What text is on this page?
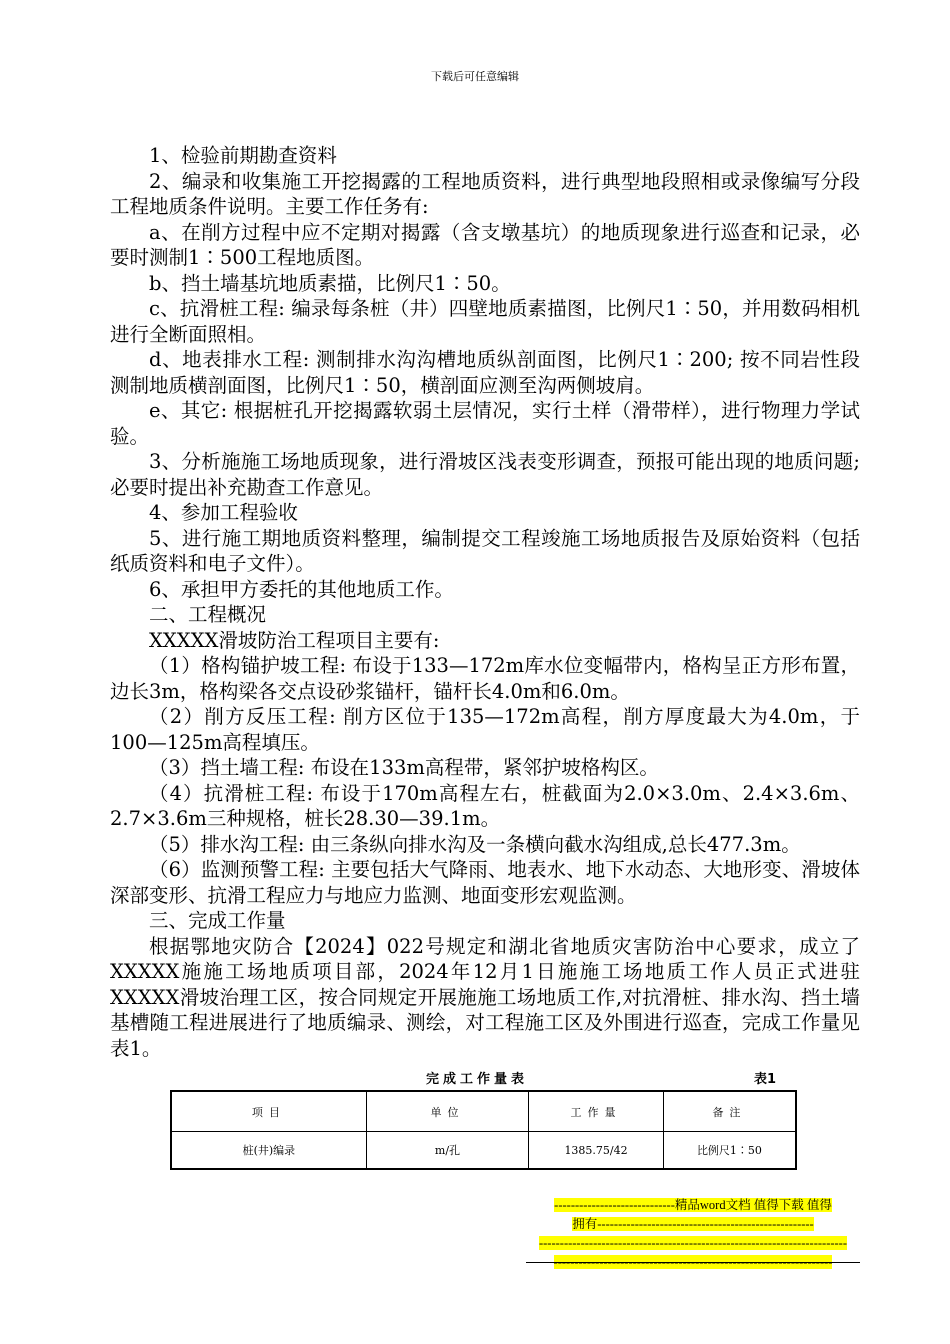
下载后可任意编辑

1、检验前期勘查资料

2、编录和收集施工开挖揭露的工程地质资料，进行典型地段照相或录像编写分段工程地质条件说明。主要工作任务有:

a、在削方过程中应不定期对揭露（含支墩基坑）的地质现象进行巡查和记录，必要时测制1∶500工程地质图。

b、挡土墙基坑地质素描，比例尺1∶50。

c、抗滑桩工程: 编录每条桩（井）四壁地质素描图，比例尺1∶50，并用数码相机进行全断面照相。

d、地表排水工程: 测制排水沟沟槽地质纵剖面图，比例尺1∶200; 按不同岩性段测制地质横剖面图，比例尺1∶50，横剖面应测至沟两侧坡肩。

e、其它: 根据桩孔开挖揭露软弱土层情况，实行土样（滑带样），进行物理力学试验。

3、分析施施工场地质现象，进行滑坡区浅表变形调查，预报可能出现的地质问题; 必要时提出补充勘查工作意见。

4、参加工程验收

5、进行施工期地质资料整理，编制提交工程竣施工场地质报告及原始资料（包括纸质资料和电子文件）。

6、承担甲方委托的其他地质工作。

二、工程概况

XXXXX滑坡防治工程项目主要有:

（1）格构锚护坡工程: 布设于133—172m库水位变幅带内，格构呈正方形布置，边长3m，格构梁各交点设砂浆锚杆，锚杆长4.0m和6.0m。

（2）削方反压工程: 削方区位于135—172m高程，削方厚度最大为4.0m，于100—125m高程填压。

（3）挡土墙工程: 布设在133m高程带，紧邻护坡格构区。

（4）抗滑桩工程: 布设于170m高程左右，桩截面为2.0×3.0m、2.4×3.6m、2.7×3.6m三种规格，桩长28.30—39.1m。

（5）排水沟工程: 由三条纵向排水沟及一条横向截水沟组成,总长477.3m。

（6）监测预警工程: 主要包括大气降雨、地表水、地下水动态、大地形变、滑坡体深部变形、抗滑工程应力与地应力监测、地面变形宏观监测。

三、完成工作量

根据鄂地灾防合【2024】022号规定和湖北省地质灾害防治中心要求，成立了XXXXX施施工场地质项目部，2024年12月1日施施工场地质工作人员正式进驻XXXXX滑坡治理工区，按合同规定开展施施工场地质工作,对抗滑桩、排水沟、挡土墙基槽随工程进展进行了地质编录、测绘，对工程施工区及外围进行巡查，完成工作量见表1。

完成工作量表	表1
项目	单位	工作量	备注
桩(井)编录	m/孔	1385.75/42	比例尺1∶50
-----------------------------精品word文档 值得下载 值得
拥有----------------------------------------------------
--------------------------------------------------------------------------
-------------------------------------------------------------------
